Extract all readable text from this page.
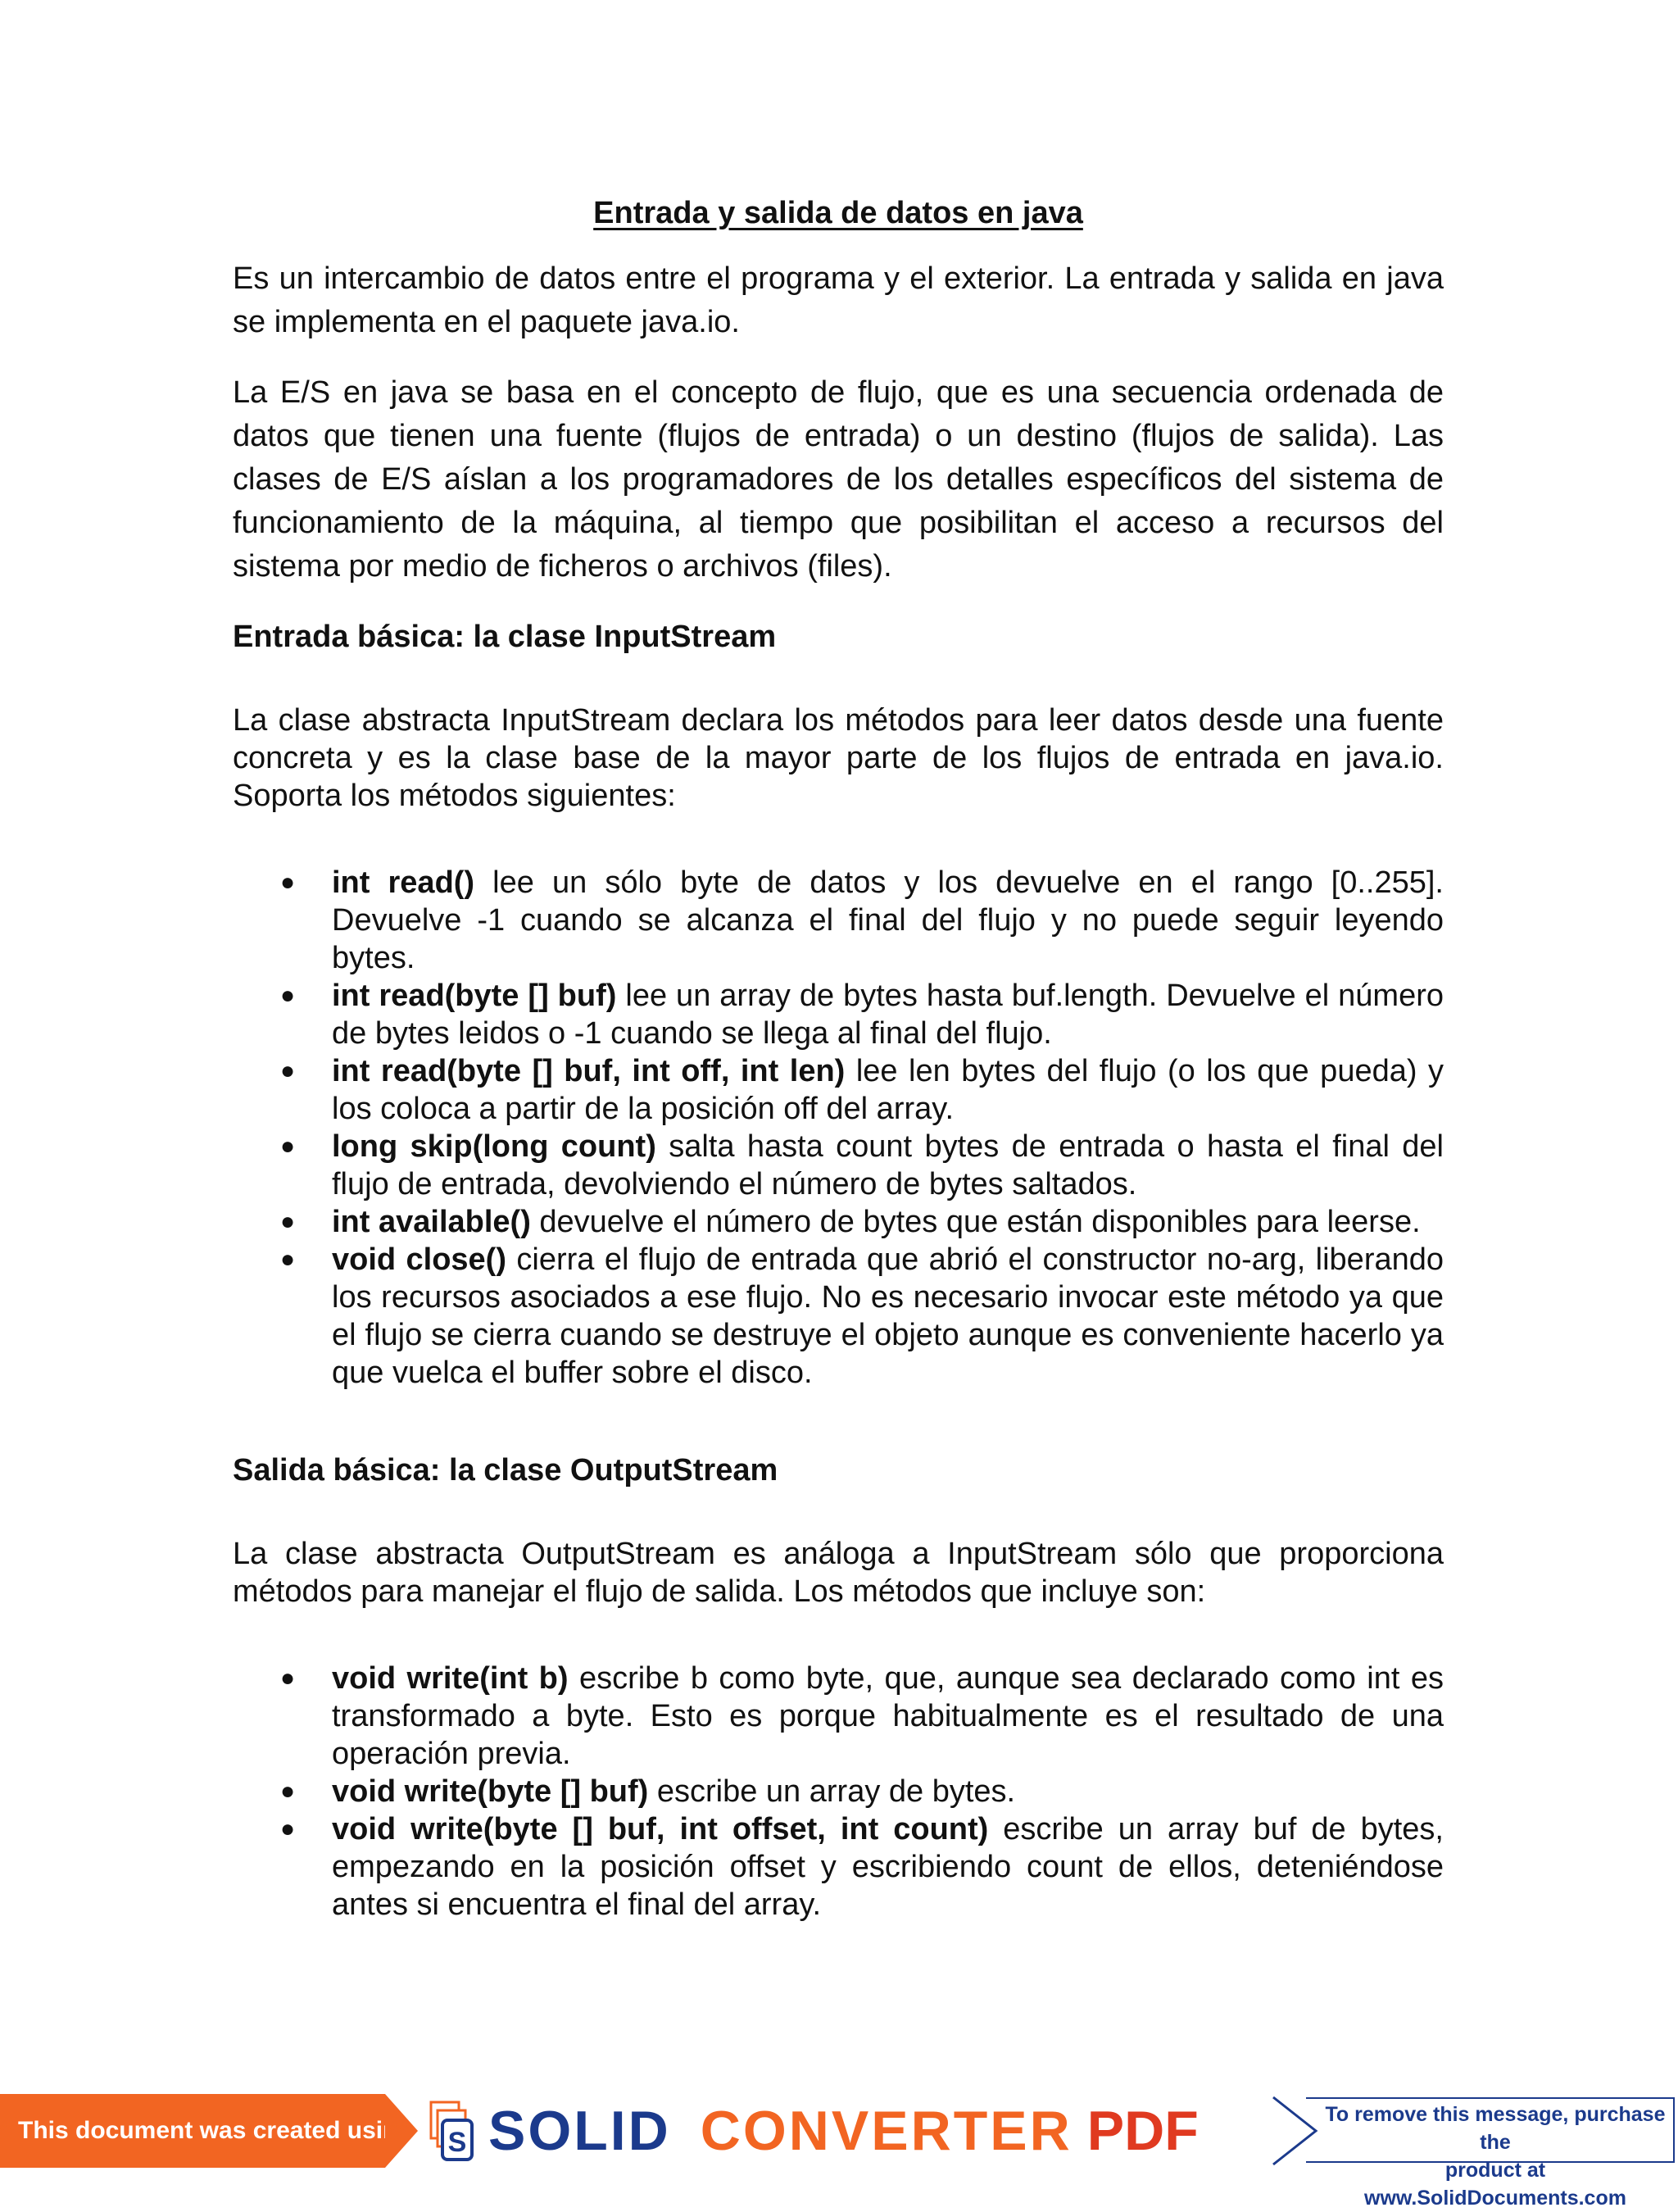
Entrada y salida de datos en java

Es un intercambio de datos entre el programa y el exterior. La entrada y salida en java se implementa en el paquete java.io.

La E/S en java se basa en el concepto de flujo, que es una secuencia ordenada de datos que tienen una fuente (flujos de entrada) o un destino (flujos de salida). Las clases de E/S aíslan a los programadores de los detalles específicos del sistema de funcionamiento de la máquina, al tiempo que posibilitan el acceso a recursos del sistema por medio de ficheros o archivos (files).

Entrada básica: la clase InputStream

La clase abstracta InputStream declara los métodos para leer datos desde una fuente concreta y es la clase base de la mayor parte de los flujos de entrada en java.io. Soporta los métodos siguientes:

● int read() lee un sólo byte de datos y los devuelve en el rango [0..255]. Devuelve -1 cuando se alcanza el final del flujo y no puede seguir leyendo bytes.
● int read(byte [] buf) lee un array de bytes hasta buf.length. Devuelve el número de bytes leidos o -1 cuando se llega al final del flujo.
● int read(byte [] buf, int off, int len) lee len bytes del flujo (o los que pueda) y los coloca a partir de la posición off del array.
● long skip(long count) salta hasta count bytes de entrada o hasta el final del flujo de entrada, devolviendo el número de bytes saltados.
● int available() devuelve el número de bytes que están disponibles para leerse.
● void close() cierra el flujo de entrada que abrió el constructor no-arg, liberando los recursos asociados a ese flujo. No es necesario invocar este método ya que el flujo se cierra cuando se destruye el objeto aunque es conveniente hacerlo ya que vuelca el buffer sobre el disco.
Salida básica: la clase OutputStream

La clase abstracta OutputStream es análoga a InputStream sólo que proporciona métodos para manejar el flujo de salida. Los métodos que incluye son:

● void write(int b) escribe b como byte, que, aunque sea declarado como int es transformado a byte. Esto es porque habitualmente es el resultado de una operación previa.
● void write(byte [] buf) escribe un array de bytes.
● void write(byte [] buf, int offset, int count) escribe un array buf de bytes, empezando en la posición offset y escribiendo count de ellos, deteniéndose antes si encuentra el final del array.
This document was created using S SOLID CONVERTER PDF	To remove this message, purchase the
product at www.SolidDocuments.com
